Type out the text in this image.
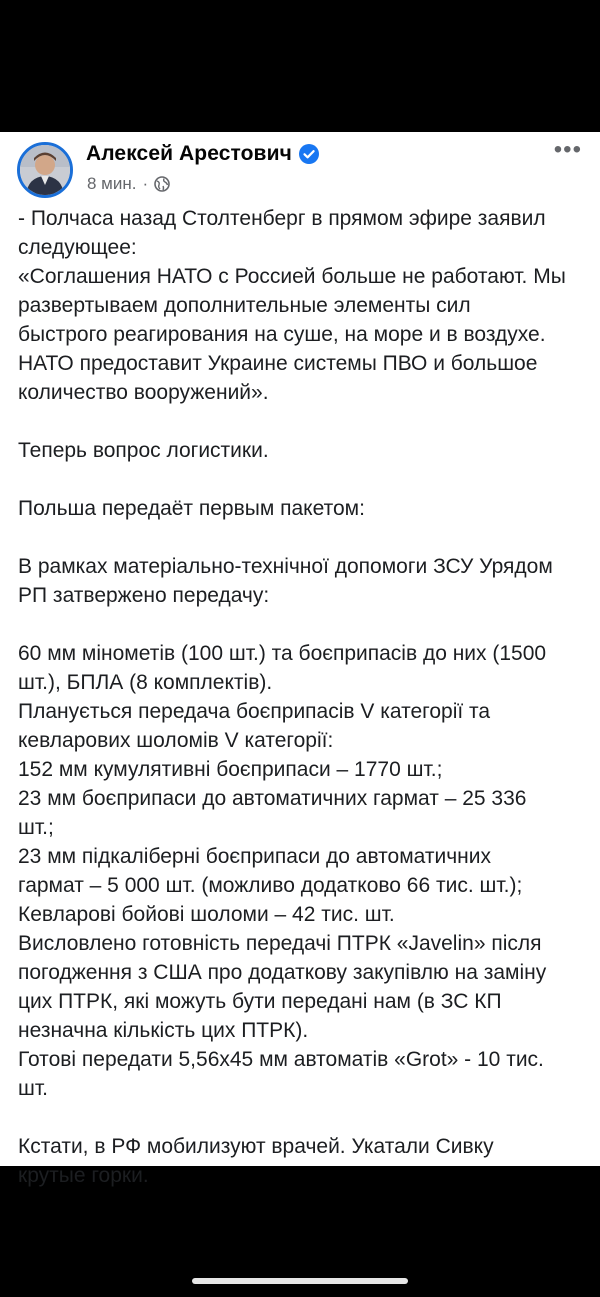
Алексей Арестович
8 мин. ·
•••

- Полчаса назад Столтенберг в прямом эфире заявил

следующее:

«Соглашения НАТО с Россией больше не работают. Мы

развертываем дополнительные элементы сил

быстрого реагирования на суше, на море и в воздухе.

НАТО предоставит Украине системы ПВО и большое

количество вооружений».

Теперь вопрос логистики.

Польша передаёт первым пакетом:

В рамках матеріально-технічної допомоги ЗСУ Урядом

РП затвержено передачу:

60 мм мінометів (100 шт.) та боєприпасів до них (1500

шт.), БПЛА (8 комплектів).

Планується передача боєприпасів V категорії та

кевларових шоломів V категорії:

152 мм кумулятивні боєприпаси – 1770 шт.;

23 мм боєприпаси до автоматичних гармат – 25 336

шт.;

23 мм підкаліберні боєприпаси до автоматичних

гармат – 5 000 шт. (можливо додатково 66 тис. шт.);

Кевларові бойові шоломи – 42 тис. шт.

Висловлено готовність передачі ПТРК «Javelin» після

погодження з США про додаткову закупівлю на заміну

цих ПТРК, які можуть бути передані нам (в ЗС КП

незначна кількість цих ПТРК).

Готові передати 5,56х45 мм автоматів «Grot» - 10 тис.

шт.

Кстати, в РФ мобилизуют врачей. Укатали Сивку

крутые горки.
